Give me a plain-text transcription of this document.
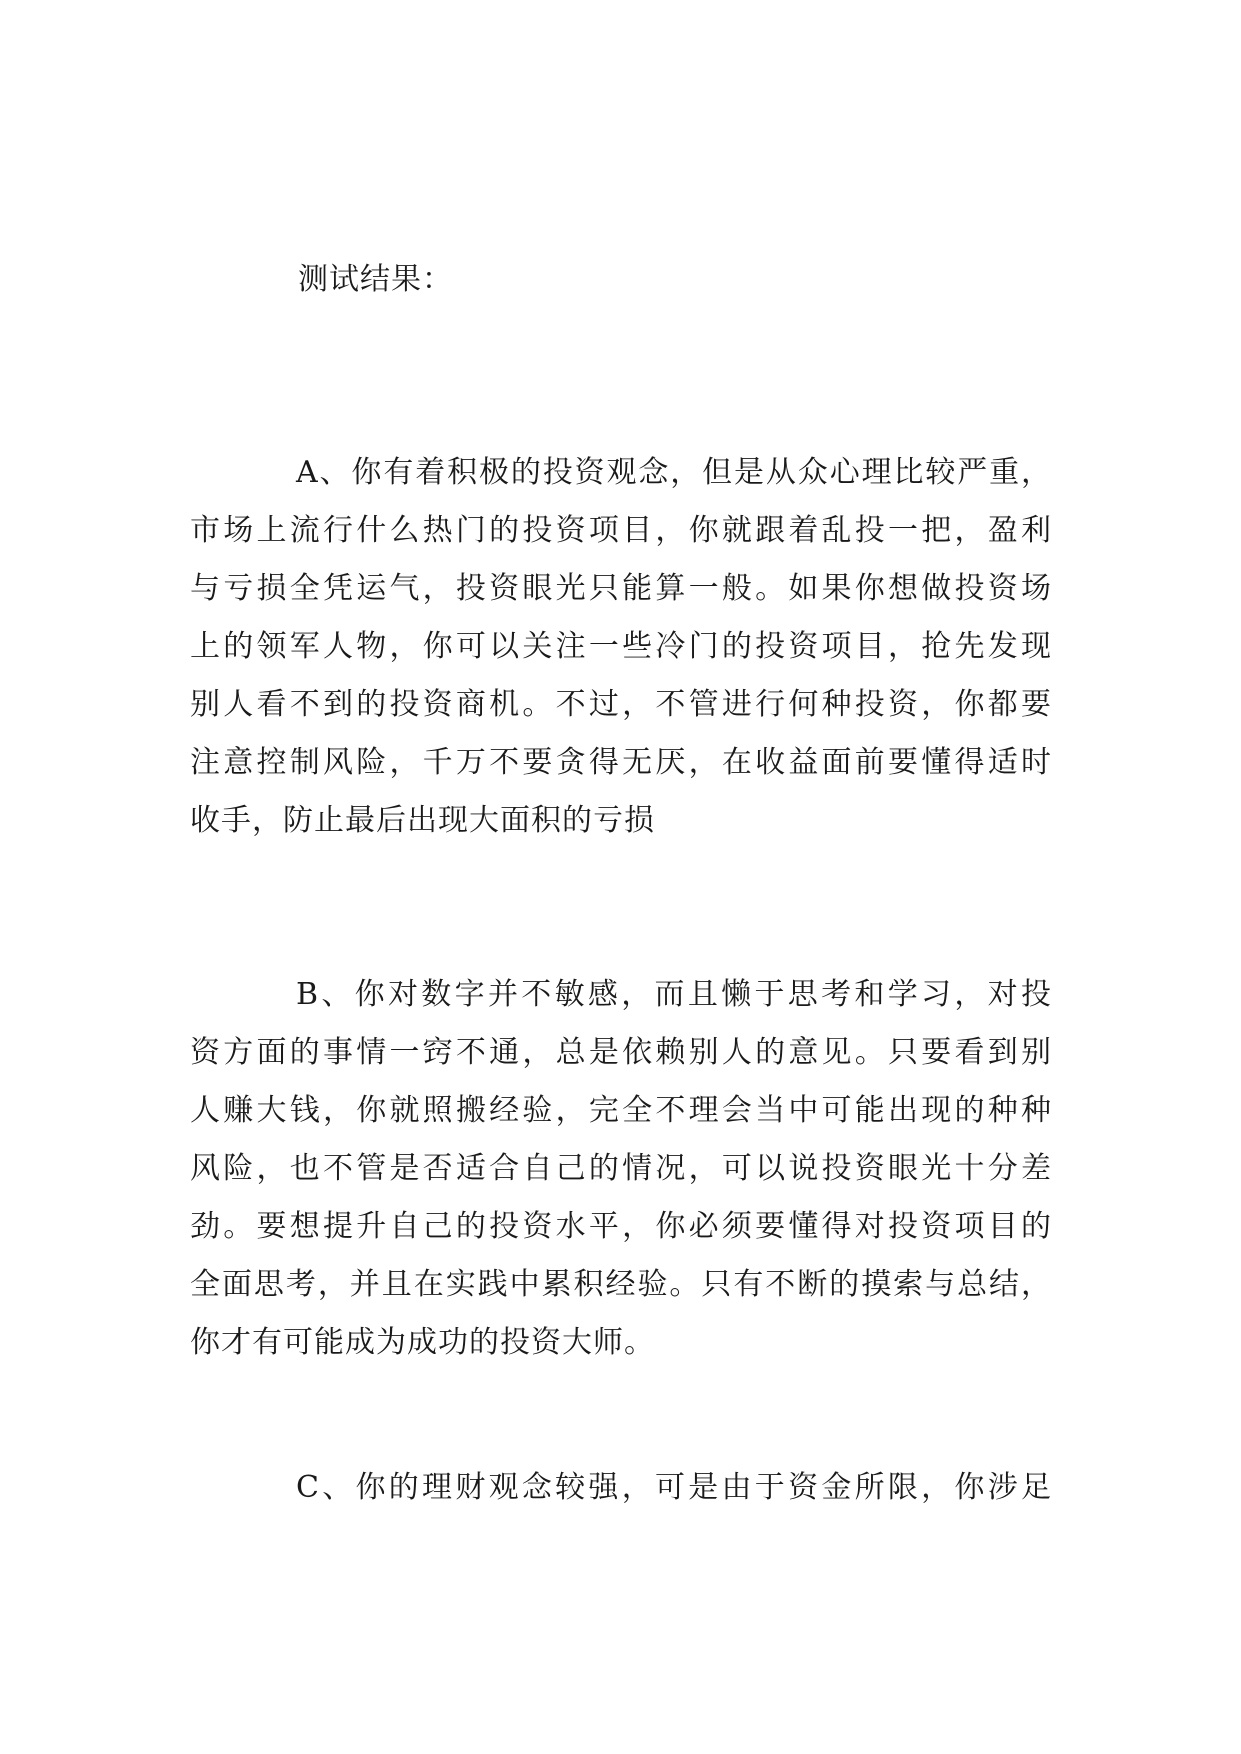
测试结果：
A、你有着积极的投资观念，但是从众心理比较严重，
市场上流行什么热门的投资项目，你就跟着乱投一把，盈利
与亏损全凭运气，投资眼光只能算一般。如果你想做投资场
上的领军人物，你可以关注一些冷门的投资项目，抢先发现
别人看不到的投资商机。不过，不管进行何种投资，你都要
注意控制风险，千万不要贪得无厌，在收益面前要懂得适时
收手，防止最后出现大面积的亏损
B、你对数字并不敏感，而且懒于思考和学习，对投
资方面的事情一窍不通，总是依赖别人的意见。只要看到别
人赚大钱，你就照搬经验，完全不理会当中可能出现的种种
风险，也不管是否适合自己的情况，可以说投资眼光十分差
劲。要想提升自己的投资水平，你必须要懂得对投资项目的
全面思考，并且在实践中累积经验。只有不断的摸索与总结，
你才有可能成为成功的投资大师。
C、你的理财观念较强，可是由于资金所限，你涉足
